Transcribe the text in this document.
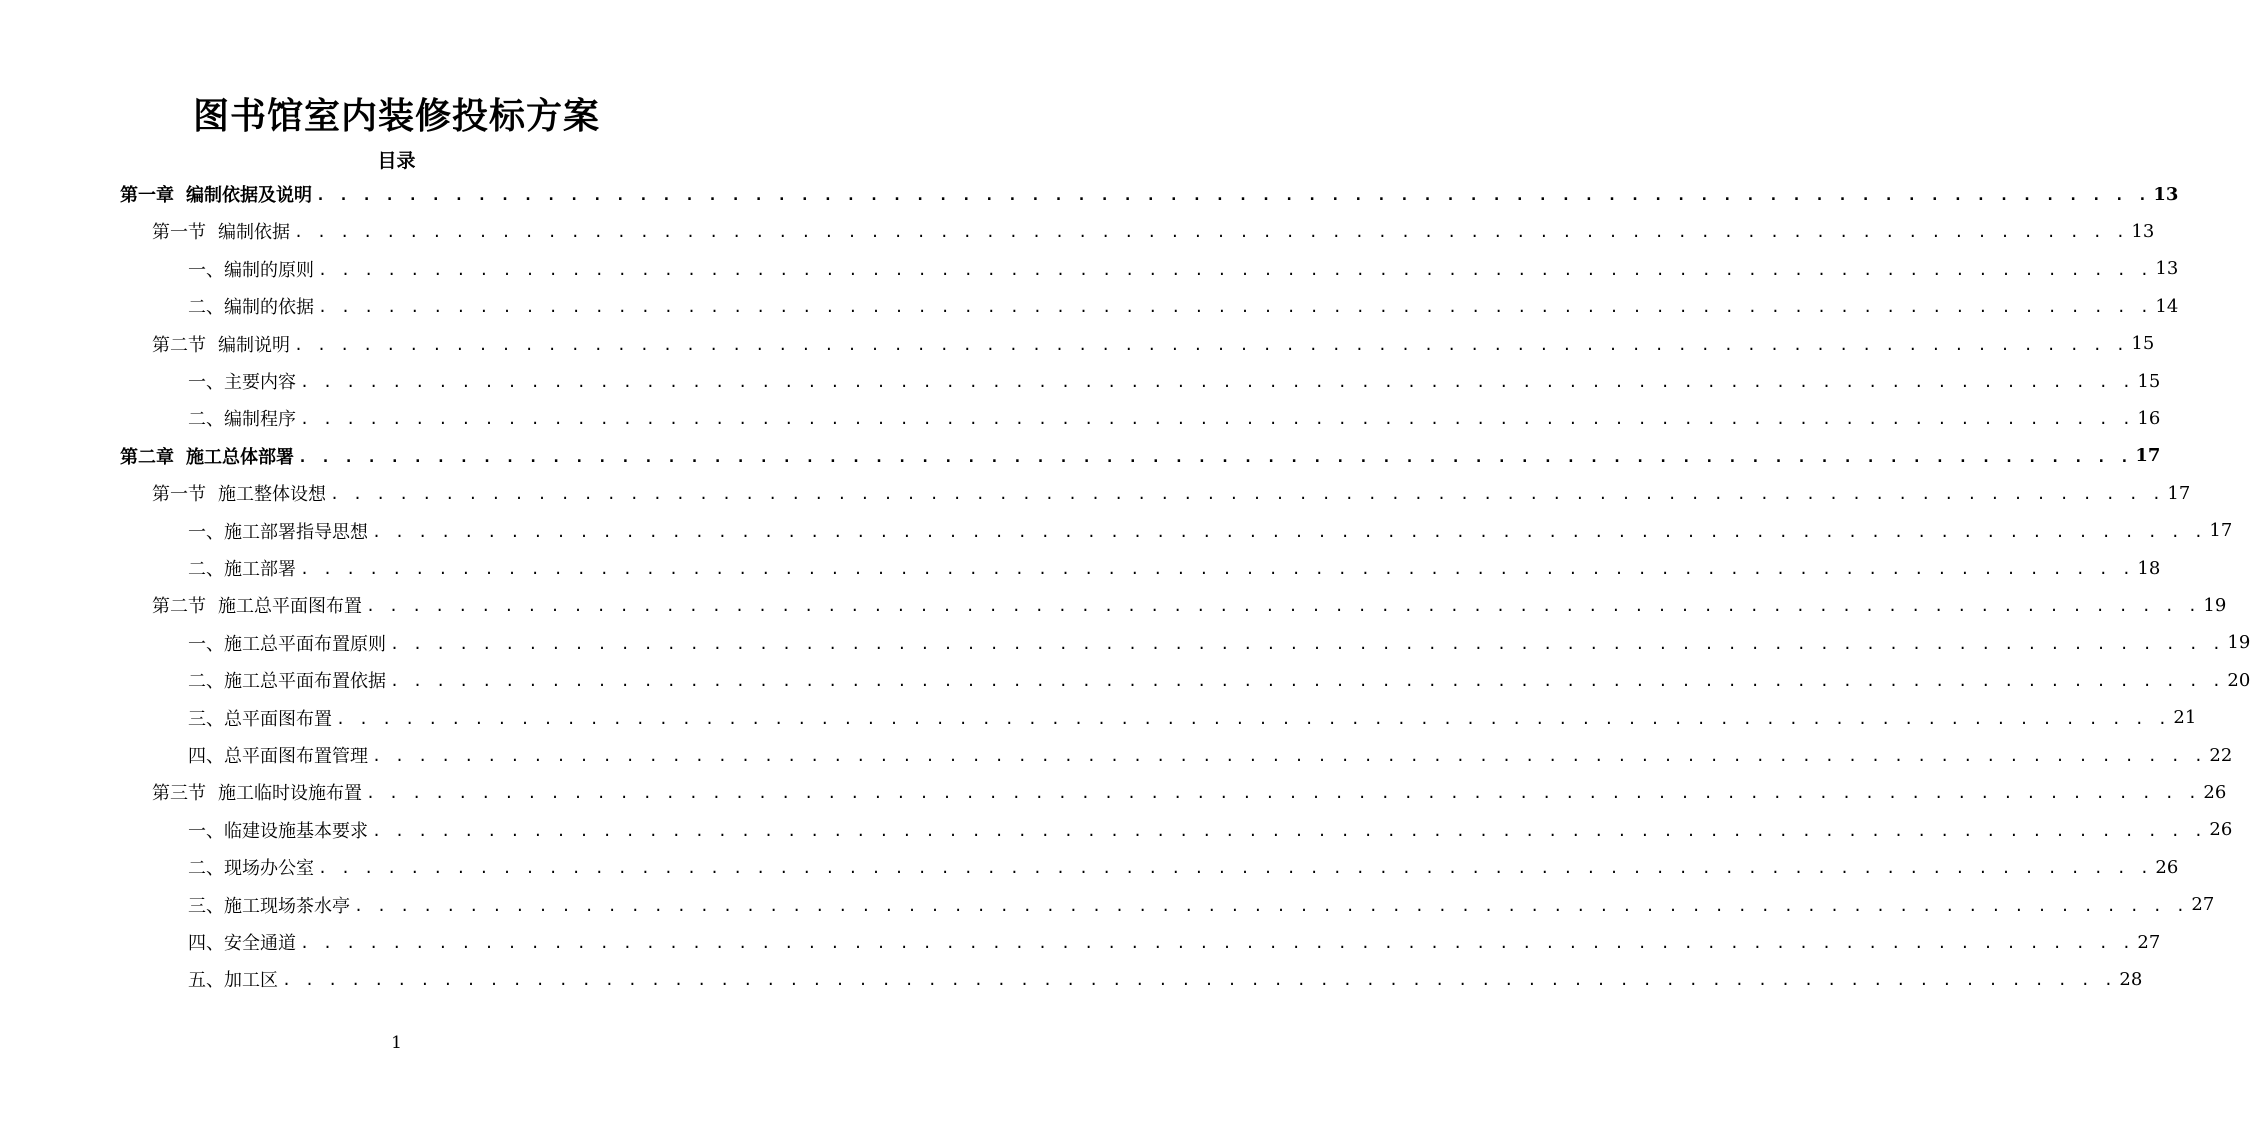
图书馆室内装修投标方案
目录
第一章 编制依据及说明 . . . . . . . . . . . . . . . . . . . . . . . . . . . . . . . . . . . . . . . . . . . . . . . . . . . . . . . . . . . . . . . . . . . . . . . . . . . . . . . . 13
第一节 编制依据 . . . . . . . . . . . . . . . . . . . . . . . . . . . . . . . . . . . . . . . . . . . . . . . . . . . . . . . . . . . . . . . . . . . . . . . . . . . . . . . . 13
一、编制的原则 . . . . . . . . . . . . . . . . . . . . . . . . . . . . . . . . . . . . . . . . . . . . . . . . . . . . . . . . . . . . . . . . . . . . . . . . . . . . . . . . 13
二、编制的依据 . . . . . . . . . . . . . . . . . . . . . . . . . . . . . . . . . . . . . . . . . . . . . . . . . . . . . . . . . . . . . . . . . . . . . . . . . . . . . . . . 14
第二节 编制说明 . . . . . . . . . . . . . . . . . . . . . . . . . . . . . . . . . . . . . . . . . . . . . . . . . . . . . . . . . . . . . . . . . . . . . . . . . . . . . . . . 15
一、主要内容 . . . . . . . . . . . . . . . . . . . . . . . . . . . . . . . . . . . . . . . . . . . . . . . . . . . . . . . . . . . . . . . . . . . . . . . . . . . . . . . . 15
二、编制程序 . . . . . . . . . . . . . . . . . . . . . . . . . . . . . . . . . . . . . . . . . . . . . . . . . . . . . . . . . . . . . . . . . . . . . . . . . . . . . . . . 16
第二章 施工总体部署 . . . . . . . . . . . . . . . . . . . . . . . . . . . . . . . . . . . . . . . . . . . . . . . . . . . . . . . . . . . . . . . . . . . . . . . . . . . . . . . . 17
第一节 施工整体设想 . . . . . . . . . . . . . . . . . . . . . . . . . . . . . . . . . . . . . . . . . . . . . . . . . . . . . . . . . . . . . . . . . . . . . . . . . . . . . . . . 17
一、施工部署指导思想 . . . . . . . . . . . . . . . . . . . . . . . . . . . . . . . . . . . . . . . . . . . . . . . . . . . . . . . . . . . . . . . . . . . . . . . . . . . . . . . . 17
二、施工部署 . . . . . . . . . . . . . . . . . . . . . . . . . . . . . . . . . . . . . . . . . . . . . . . . . . . . . . . . . . . . . . . . . . . . . . . . . . . . . . . . 18
第二节 施工总平面图布置 . . . . . . . . . . . . . . . . . . . . . . . . . . . . . . . . . . . . . . . . . . . . . . . . . . . . . . . . . . . . . . . . . . . . . . . . . . . . . . . . 19
一、施工总平面布置原则 . . . . . . . . . . . . . . . . . . . . . . . . . . . . . . . . . . . . . . . . . . . . . . . . . . . . . . . . . . . . . . . . . . . . . . . . . . . . . . . . 19
二、施工总平面布置依据 . . . . . . . . . . . . . . . . . . . . . . . . . . . . . . . . . . . . . . . . . . . . . . . . . . . . . . . . . . . . . . . . . . . . . . . . . . . . . . . . 20
三、总平面图布置 . . . . . . . . . . . . . . . . . . . . . . . . . . . . . . . . . . . . . . . . . . . . . . . . . . . . . . . . . . . . . . . . . . . . . . . . . . . . . . . . 21
四、总平面图布置管理 . . . . . . . . . . . . . . . . . . . . . . . . . . . . . . . . . . . . . . . . . . . . . . . . . . . . . . . . . . . . . . . . . . . . . . . . . . . . . . . . 22
第三节 施工临时设施布置 . . . . . . . . . . . . . . . . . . . . . . . . . . . . . . . . . . . . . . . . . . . . . . . . . . . . . . . . . . . . . . . . . . . . . . . . . . . . . . . . 26
一、临建设施基本要求 . . . . . . . . . . . . . . . . . . . . . . . . . . . . . . . . . . . . . . . . . . . . . . . . . . . . . . . . . . . . . . . . . . . . . . . . . . . . . . . . 26
二、现场办公室 . . . . . . . . . . . . . . . . . . . . . . . . . . . . . . . . . . . . . . . . . . . . . . . . . . . . . . . . . . . . . . . . . . . . . . . . . . . . . . . . 26
三、施工现场茶水亭 . . . . . . . . . . . . . . . . . . . . . . . . . . . . . . . . . . . . . . . . . . . . . . . . . . . . . . . . . . . . . . . . . . . . . . . . . . . . . . . . 27
四、安全通道 . . . . . . . . . . . . . . . . . . . . . . . . . . . . . . . . . . . . . . . . . . . . . . . . . . . . . . . . . . . . . . . . . . . . . . . . . . . . . . . . 27
五、加工区 . . . . . . . . . . . . . . . . . . . . . . . . . . . . . . . . . . . . . . . . . . . . . . . . . . . . . . . . . . . . . . . . . . . . . . . . . . . . . . . . 28
1
